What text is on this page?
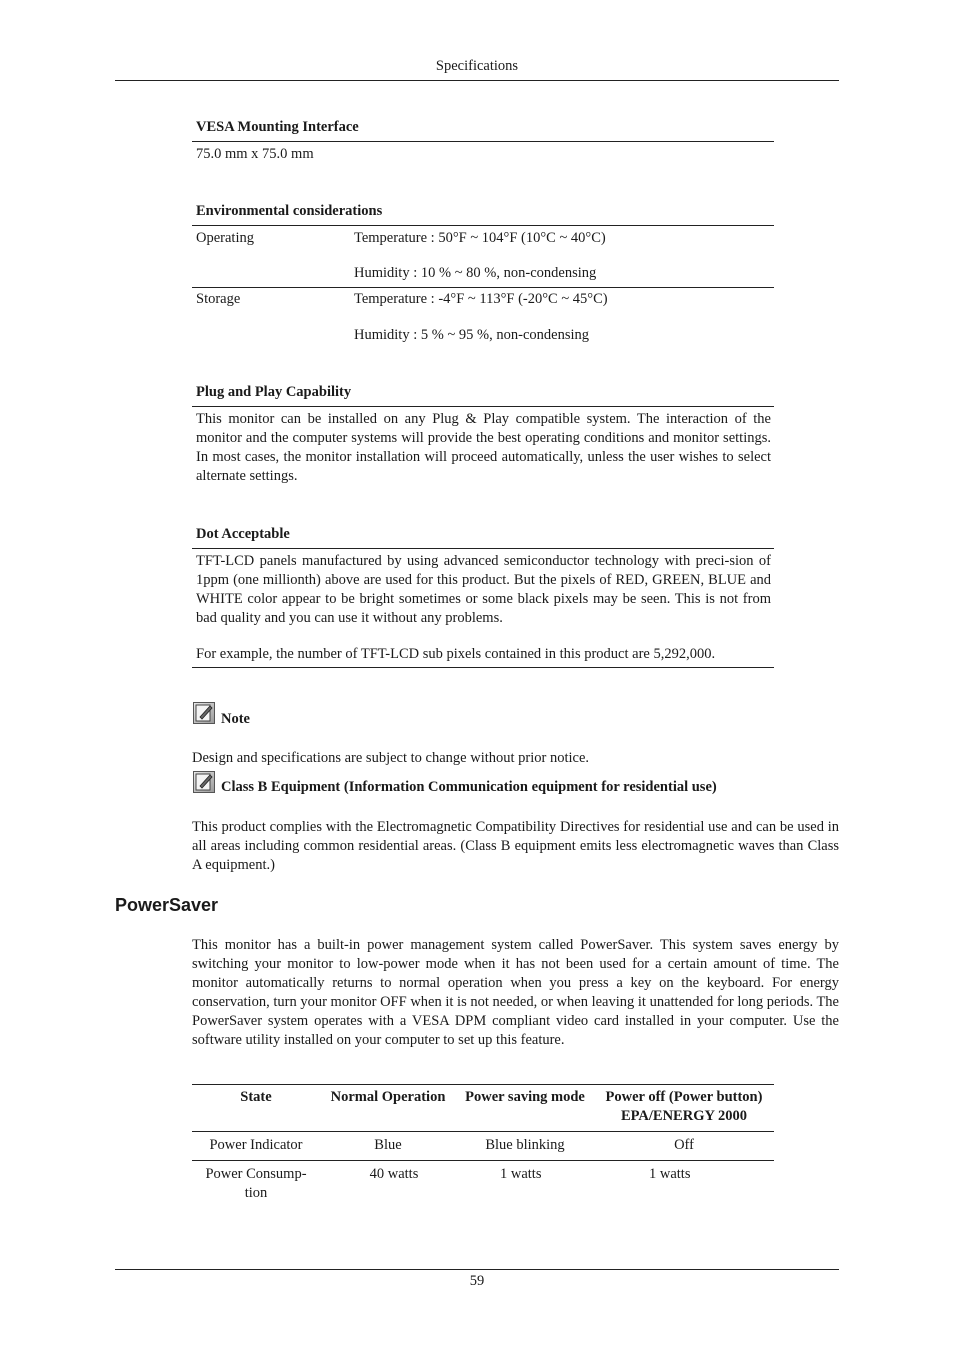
Specifications
VESA Mounting Interface
75.0 mm x 75.0 mm
Environmental considerations
Operating	Temperature : 50°F ~ 104°F (10°C ~ 40°C)
Humidity : 10 % ~ 80 %, non-condensing
Storage	Temperature : -4°F ~ 113°F (-20°C ~ 45°C)
Humidity : 5 % ~ 95 %, non-condensing
Plug and Play Capability
This monitor can be installed on any Plug & Play compatible system. The interaction of the monitor and the computer systems will provide the best operating conditions and monitor settings. In most cases, the monitor installation will proceed automatically, unless the user wishes to select alternate settings.
Dot Acceptable
TFT-LCD panels manufactured by using advanced semiconductor technology with preci-sion of 1ppm (one millionth) above are used for this product. But the pixels of RED, GREEN, BLUE and WHITE color appear to be bright sometimes or some black pixels may be seen. This is not from bad quality and you can use it without any problems.
For example, the number of TFT-LCD sub pixels contained in this product are 5,292,000.
Note
Design and specifications are subject to change without prior notice.
Class B Equipment (Information Communication equipment for residential use)
This product complies with the Electromagnetic Compatibility Directives for residential use and can be used in all areas including common residential areas. (Class B equipment emits less electromagnetic waves than Class A equipment.)
PowerSaver
This monitor has a built-in power management system called PowerSaver. This system saves energy by switching your monitor to low-power mode when it has not been used for a certain amount of time. The monitor automatically returns to normal operation when you press a key on the keyboard. For energy conservation, turn your monitor OFF when it is not needed, or when leaving it unattended for long periods. The PowerSaver system operates with a VESA DPM compliant video card installed in your computer. Use the software utility installed on your computer to set up this feature.
State	Normal Operation	Power saving mode	Power off (Power button)
EPA/ENERGY 2000
Power Indicator	Blue	Blue blinking	Off
Power Consump-
tion	40 watts	1 watts	1 watts
59
